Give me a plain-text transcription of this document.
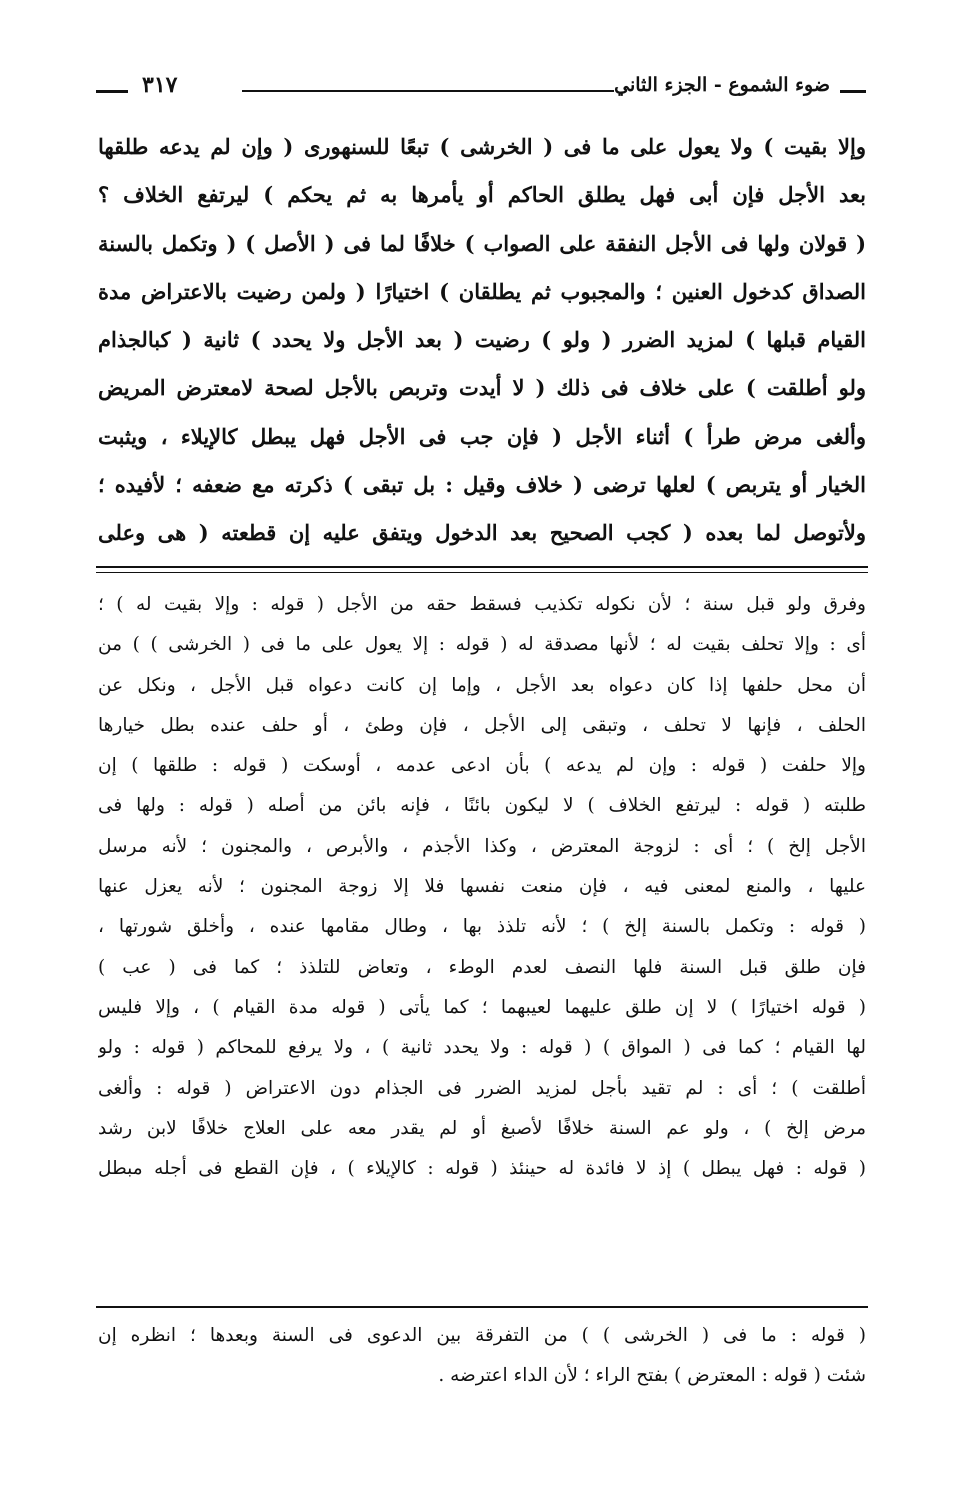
ضوء الشموع - الجزء الثاني
٣١٧
وإلا بقيت ) ولا يعول على ما فى ( الخرشى ) تبعًا للسنهورى ( وإن لم يدعه طلقها
بعد الأجل فإن أبى فهل يطلق الحاكم أو يأمرها به ثم يحكم ) ليرتفع الخلاف ؟
( قولان ولها فى الأجل النفقة على الصواب ) خلافًا لما فى ( الأصل ) ( وتكمل بالسنة
الصداق كدخول العنين ؛ والمجبوب ثم يطلقان ) اختيارًا ( ولمن رضيت بالاعتراض مدة
القيام قبلها ) لمزيد الضرر ( ولو ) رضيت ( بعد الأجل ولا يحدد ) ثانية ( كبالجذام
ولو أطلقت ) على خلاف فى ذلك ( لا أيدت وتربص بالأجل لصحة لامعترض المريض
وألغى مرض طرأ ) أثناء الأجل ( فإن جب فى الأجل فهل يبطل كالإيلاء ، ويثبت
الخيار أو يتربص ) لعلها ترضى ( خلاف وقيل : بل تبقى ) ذكرته مع ضعفه ؛ لأفيده ؛
ولأتوصل لما بعده ( كجب الصحيح بعد الدخول ويتفق عليه إن قطعته ( هى وعلى
وفرق ولو قبل سنة ؛ لأن نكوله تكذيب فسقط حقه من الأجل ( قوله : وإلا بقيت له ) ؛
أى : وإلا تحلف بقيت له ؛ لأنها مصدقة له ( قوله : إلا يعول على ما فى ( الخرشى ) ) من
أن محل حلفها إذا كان دعواه بعد الأجل ، وإما إن كانت دعواه قبل الأجل ، ونكل عن
الحلف ، فإنها لا تحلف ، وتبقى إلى الأجل ، فإن وطئ ، أو حلف عنده بطل خيارها
وإلا حلفت ( قوله : وإن لم يدعه ) بأن ادعى عدمه ، أوسكت ( قوله : طلقها ) إن
طلبته ( قوله : ليرتفع الخلاف ) لا ليكون بائنًا ، فإنه بائن من أصله ( قوله : ولها فى
الأجل إلخ ) ؛ أى : لزوجة المعترض ، وكذا الأجذم ، والأبرص ، والمجنون ؛ لأنه مرسل
عليها ، والمنع لمعنى فيه ، فإن منعت نفسها فلا إلا زوجة المجنون ؛ لأنه يعزل عنها
( قوله : وتكمل بالسنة إلخ ) ؛ لأنه تلذذ بها ، وطال مقامها عنده ، وأخلق شورتها ،
فإن طلق قبل السنة فلها النصف لعدم الوطء ، وتعاض للتلذذ ؛ كما فى ( عب )
( قوله اختيارًا ) لا إن طلق عليهما لعيبهما ؛ كما يأتى ( قوله مدة القيام ) ، وإلا فليس
لها القيام ؛ كما فى ( المواق ) ( قوله : ولا يحدد ثانية ) ، ولا يرفع للمحاكم ( قوله : ولو
أطلقت ) ؛ أى : لم تقيد بأجل لمزيد الضرر فى الجذام دون الاعتراض ( قوله : وألغى
مرض إلخ ) ، ولو عم السنة خلافًا لأصبغ أو لم يقدر معه على العلاج خلافًا لابن رشد
( قوله : فهل يبطل ) إذ لا فائدة له حينئذ ( قوله : كالإيلاء ) ، فإن القطع فى أجله مبطل
( قوله : ما فى ( الخرشى ) ) من التفرقة بين الدعوى فى السنة وبعدها ؛ انظره إن
شئت ( قوله : المعترض ) بفتح الراء ؛ لأن الداء اعترضه .
